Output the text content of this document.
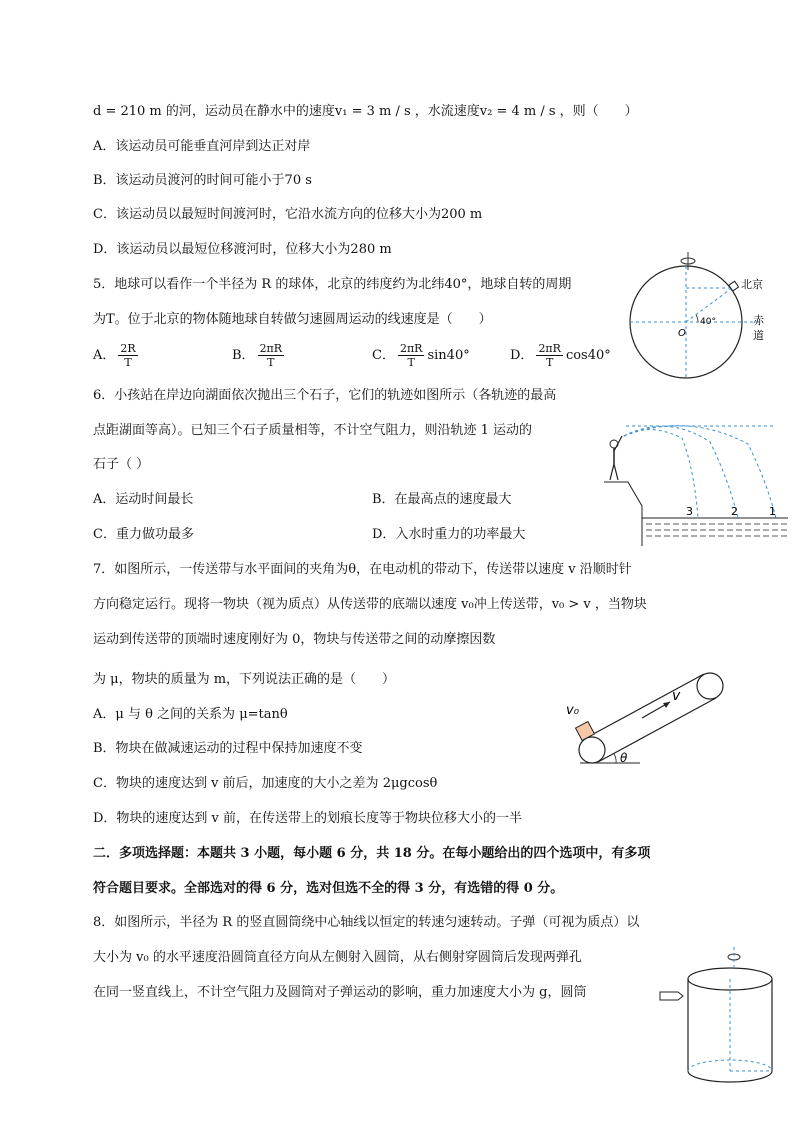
d = 210 m 的河，运动员在静水中的速度v₁ = 3 m / s ，水流速度v₂ = 4 m / s ，则（　　）
A．该运动员可能垂直河岸到达正对岸
B．该运动员渡河的时间可能小于70 s
C．该运动员以最短时间渡河时，它沿水流方向的位移大小为200 m
D．该运动员以最短位移渡河时，位移大小为280 m
5．地球可以看作一个半径为 R 的球体，北京的纬度约为北纬40°，地球自转的周期
为T。位于北京的物体随地球自转做匀速圆周运动的线速度是（　　）
A． $\frac{2R}{T}$	B． $\frac{2\pi R}{T}$	C． $\frac{2\pi R}{T} \sin 40^\circ$	D． $\frac{2\pi R}{T} \cos 40^\circ$
北京
赤
道
40°
O
6．小孩站在岸边向湖面依次抛出三个石子，它们的轨迹如图所示（各轨迹的最高
点距湖面等高）。已知三个石子质量相等，不计空气阻力，则沿轨迹 1 运动的
石子（ ）
A．运动时间最长	B．在最高点的速度最大
C．重力做功最多	D．入水时重力的功率最大
3	2	1
7．如图所示，一传送带与水平面间的夹角为θ，在电动机的带动下，传送带以速度 v 沿顺时针
方向稳定运行。现将一物块（视为质点）从传送带的底端以速度 v₀冲上传送带，v₀ > v ，当物块
运动到传送带的顶端时速度刚好为 0，物块与传送带之间的动摩擦因数
为 μ，物块的质量为 m，下列说法正确的是（　　）
A．μ 与 θ 之间的关系为 μ=tanθ
B．物块在做减速运动的过程中保持加速度不变
C．物块的速度达到 v 前后，加速度的大小之差为 2μgcosθ
D．物块的速度达到 v 前，在传送带上的划痕长度等于物块位移大小的一半
v₀
v
θ
二．多项选择题：本题共 3 小题，每小题 6 分，共 18 分。在每小题给出的四个选项中，有多项
符合题目要求。全部选对的得 6 分，选对但选不全的得 3 分，有选错的得 0 分。
8．如图所示，半径为 R 的竖直圆筒绕中心轴线以恒定的转速匀速转动。子弹（可视为质点）以
大小为 v₀ 的水平速度沿圆筒直径方向从左侧射入圆筒，从右侧射穿圆筒后发现两弹孔
在同一竖直线上，不计空气阻力及圆筒对子弹运动的影响，重力加速度大小为 g，圆筒
